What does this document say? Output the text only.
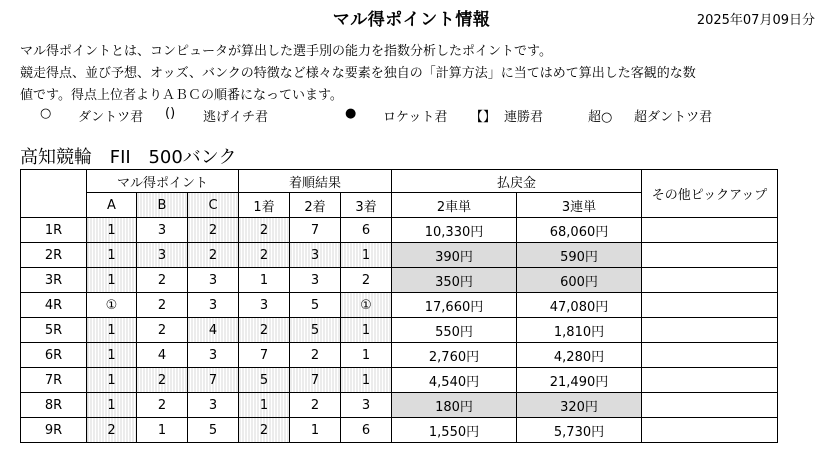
マル得ポイント情報	2025年07月09日分

マル得ポイントとは、コンピュータが算出した選手別の能力を指数分析したポイントです。

競走得点、並び予想、オッズ、バンクの特徴など様々な要素を独自の「計算方法」に当てはめて算出した客観的な数

値です。得点上位者よりＡＢＣの順番になっています。

○	ダントツ君 ()	逃げイチ君	●	ロケット君 【】 連勝君	超○	超ダントツ君
高知競輪 FII 500バンク
	マル得ポイント			着順結果			払戻金		その他ピックアップ
	A	B	C	1着	2着	3着	2車単	3連単	
1R	1	3	2	2	7	6	10,330円	68,060円	
2R	1	3	2	2	3	1	390円	590円	
3R	1	2	3	1	3	2	350円	600円	
4R	①	2	3	3	5	①	17,660円	47,080円	
5R	1	2	4	2	5	1	550円	1,810円	
6R	1	4	3	7	2	1	2,760円	4,280円	
7R	1	2	7	5	7	1	4,540円	21,490円	
8R	1	2	3	1	2	3	180円	320円	
9R	2	1	5	2	1	6	1,550円	5,730円	
